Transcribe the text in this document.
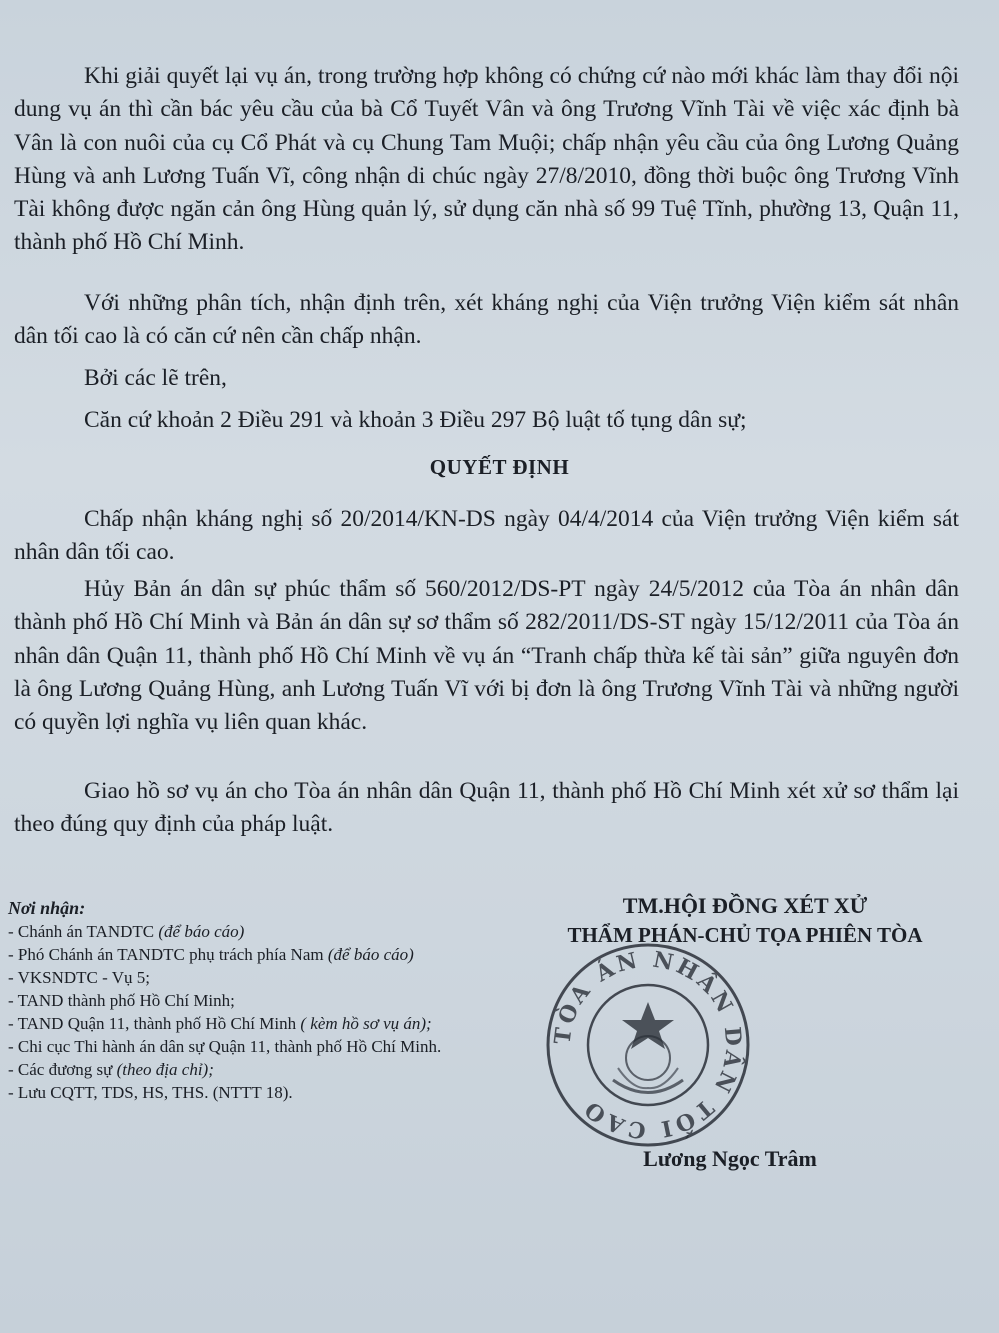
Khi giải quyết lại vụ án, trong trường hợp không có chứng cứ nào mới khác làm thay đổi nội dung vụ án thì cần bác yêu cầu của bà Cổ Tuyết Vân và ông Trương Vĩnh Tài về việc xác định bà Vân là con nuôi của cụ Cổ Phát và cụ Chung Tam Muội; chấp nhận yêu cầu của ông Lương Quảng Hùng và anh Lương Tuấn Vĩ, công nhận di chúc ngày 27/8/2010, đồng thời buộc ông Trương Vĩnh Tài không được ngăn cản ông Hùng quản lý, sử dụng căn nhà số 99 Tuệ Tĩnh, phường 13, Quận 11, thành phố Hồ Chí Minh.

Với những phân tích, nhận định trên, xét kháng nghị của Viện trưởng Viện kiểm sát nhân dân tối cao là có căn cứ nên cần chấp nhận.

Bởi các lẽ trên,

Căn cứ khoản 2 Điều 291 và khoản 3 Điều 297 Bộ luật tố tụng dân sự;

QUYẾT ĐỊNH

Chấp nhận kháng nghị số 20/2014/KN-DS ngày 04/4/2014 của Viện trưởng Viện kiểm sát nhân dân tối cao.

Hủy Bản án dân sự phúc thẩm số 560/2012/DS-PT ngày 24/5/2012 của Tòa án nhân dân thành phố Hồ Chí Minh và Bản án dân sự sơ thẩm số 282/2011/DS-ST ngày 15/12/2011 của Tòa án nhân dân Quận 11, thành phố Hồ Chí Minh về vụ án “Tranh chấp thừa kế tài sản” giữa nguyên đơn là ông Lương Quảng Hùng, anh Lương Tuấn Vĩ với bị đơn là ông Trương Vĩnh Tài và những người có quyền lợi nghĩa vụ liên quan khác.

Giao hồ sơ vụ án cho Tòa án nhân dân Quận 11, thành phố Hồ Chí Minh xét xử sơ thẩm lại theo đúng quy định của pháp luật.

Nơi nhận:

- Chánh án TANDTC (để báo cáo)

- Phó Chánh án TANDTC phụ trách phía Nam (để báo cáo)

- VKSNDTC - Vụ 5;

- TAND thành phố Hồ Chí Minh;

- TAND Quận 11, thành phố Hồ Chí Minh ( kèm hồ sơ vụ án);

- Chi cục Thi hành án dân sự Quận 11, thành phố Hồ Chí Minh.

- Các đương sự (theo địa chỉ);

- Lưu CQTT, TDS, HS, THS. (NTTT 18).

TM.HỘI ĐỒNG XÉT XỬ

THẨM PHÁN-CHỦ TỌA PHIÊN TÒA

TÒA ÁN NHÂN DÂN TỐI CAO

Lương Ngọc Trâm
